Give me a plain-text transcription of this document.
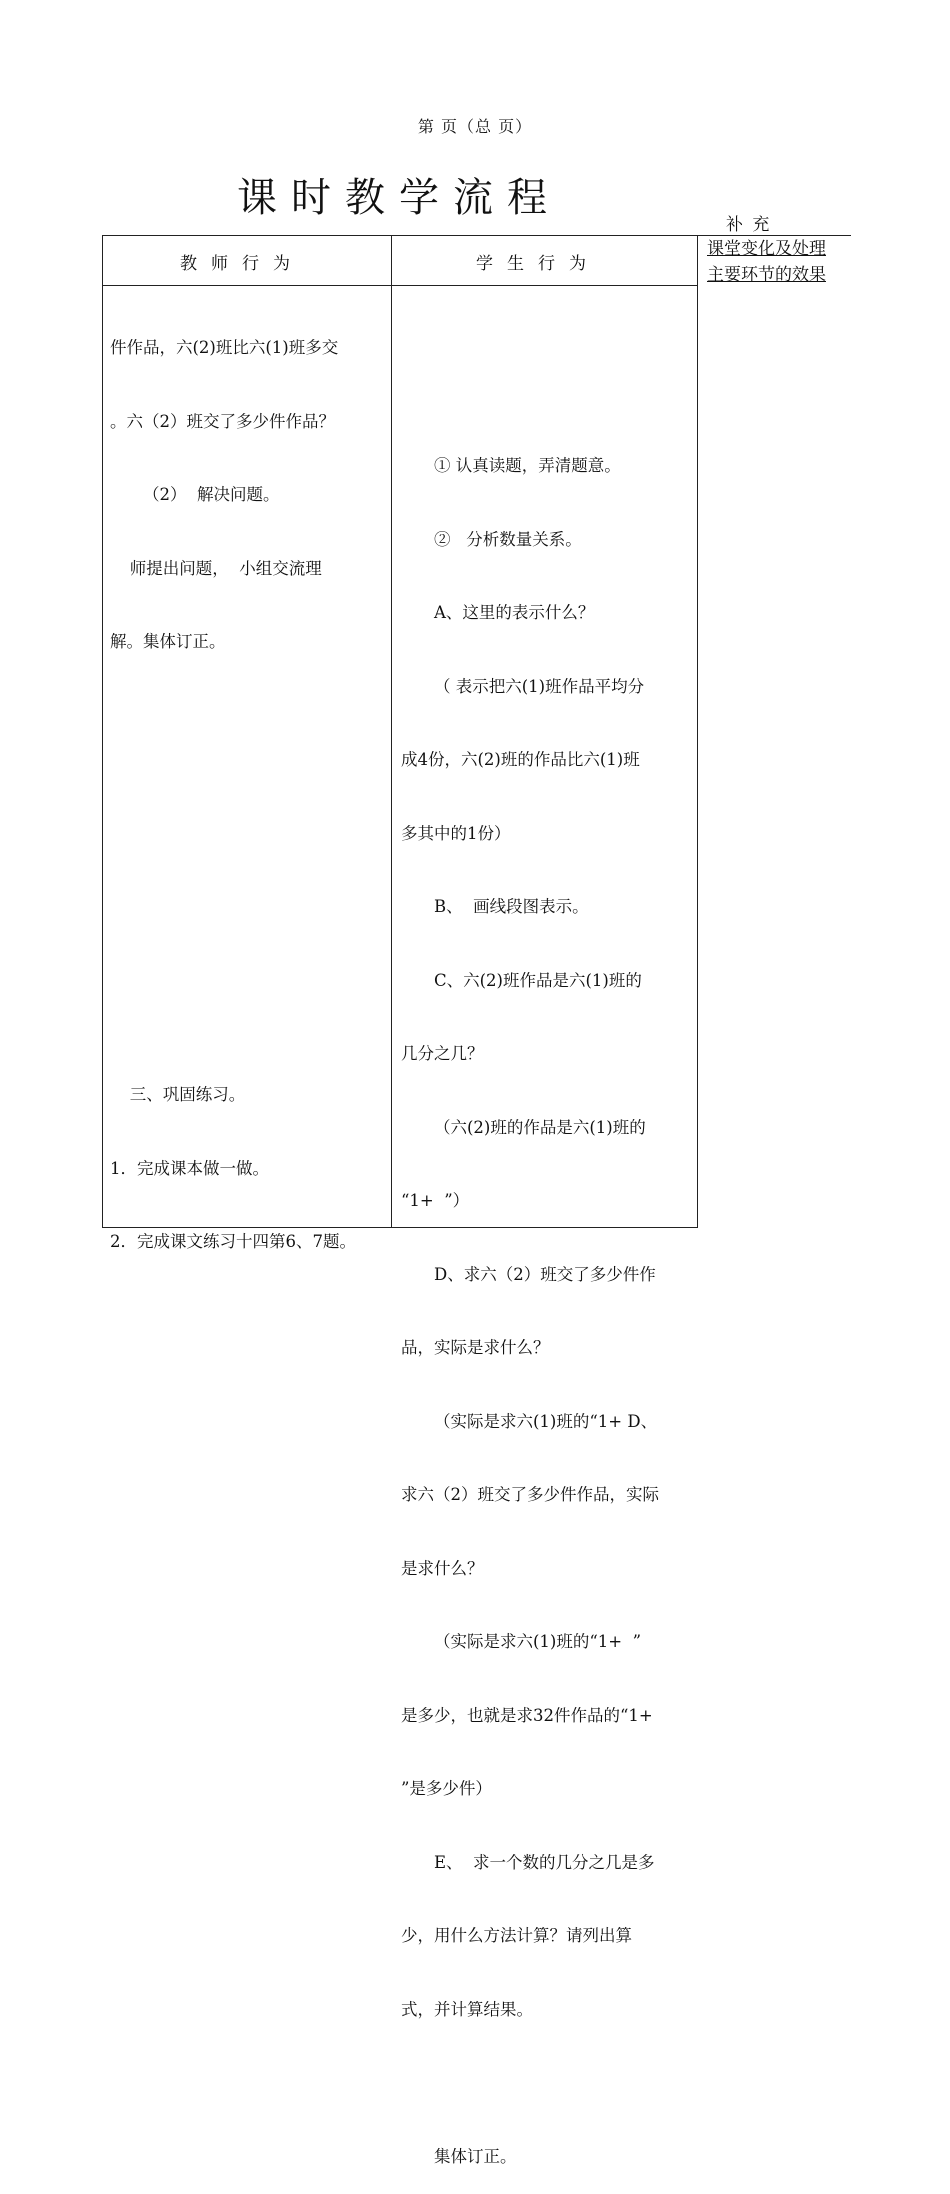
第 页（总 页）
课时教学流程
补 充
课堂变化及处理
主要环节的效果
教师行为	学生行为

件作品，六(2)班比六(1)班多交

。六（2）班交了多少件作品？

（2）  解决问题。

师提出问题，  小组交流理

解。集体订正。

三、巩固练习。

1．完成课本做一做。

2．完成课文练习十四第6、7题。

① 认真读题，弄清题意。

②   分析数量关系。

A、这里的表示什么？

（ 表示把六(1)班作品平均分

成4份，六(2)班的作品比六(1)班

多其中的1份）

B、  画线段图表示。

C、六(2)班作品是六(1)班的

几分之几？

（六(2)班的作品是六(1)班的

“1+  ”）

D、求六（2）班交了多少件作

品，实际是求什么？

（实际是求六(1)班的“1+ D、

求六（2）班交了多少件作品，实际

是求什么？

（实际是求六(1)班的“1+  ”

是多少，也就是求32件作品的“1+

”是多少件）

E、  求一个数的几分之几是多

少，用什么方法计算？请列出算

式，并计算结果。

集体订正。
